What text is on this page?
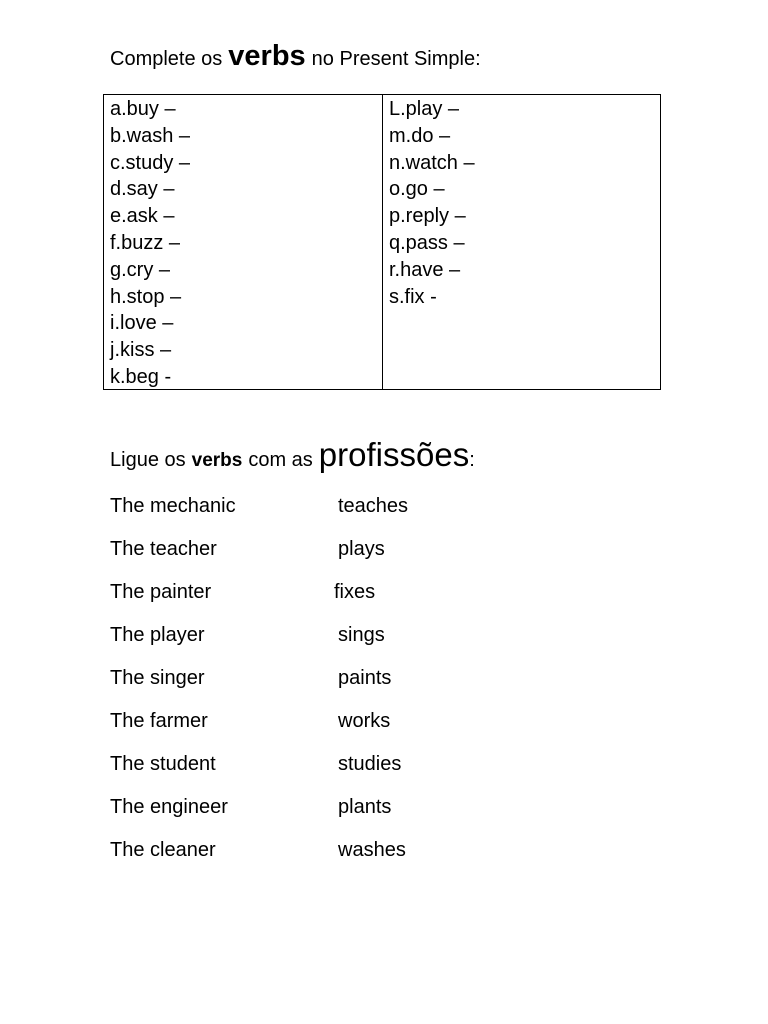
Complete os verbs no Present Simple:
a.buy –
b.wash –
c.study –
d.say –
e.ask –
f.buzz –
g.cry –
h.stop –
i.love –
j.kiss –
k.beg -
L.play –
m.do –
n.watch –
o.go –
p.reply –
q.pass –
r.have –
s.fix -
Ligue os verbs com as profissões:
The mechanic	teaches
The teacher	plays
The painter	fixes
The player	sings
The singer	paints
The farmer	works
The student	studies
The engineer	plants
The cleaner	washes
